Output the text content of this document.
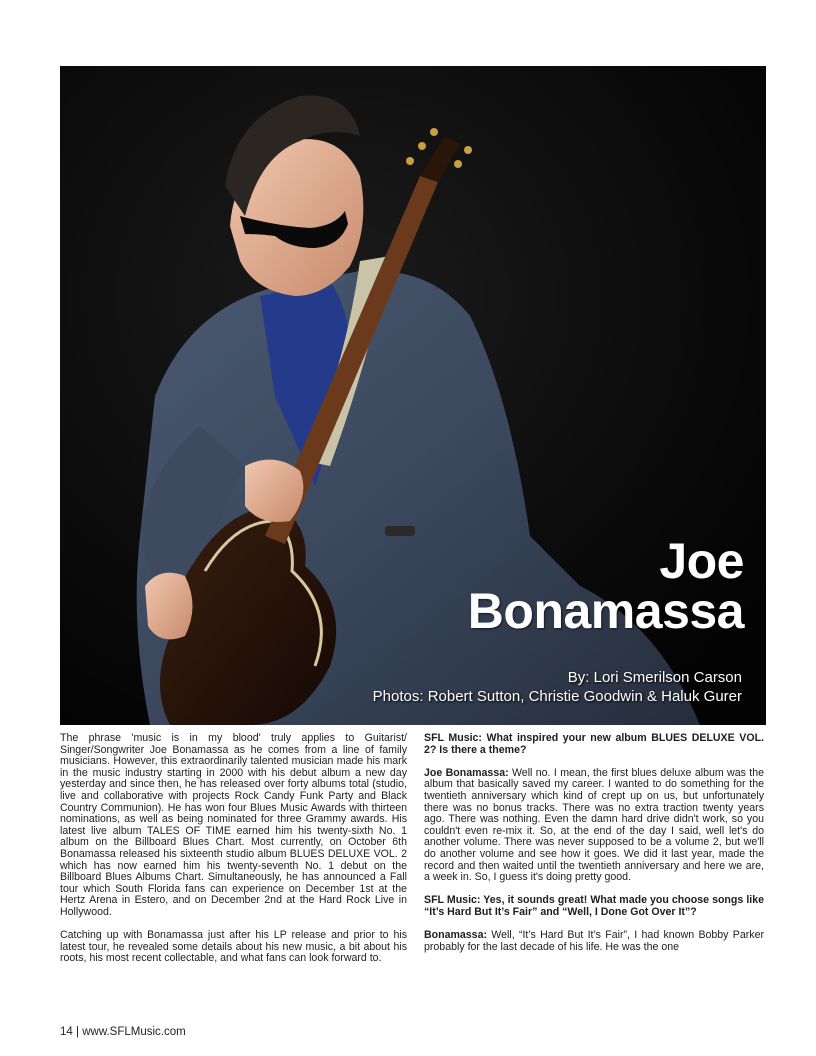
Joe
Bonamassa
By: Lori Smerilson Carson
Photos: Robert Sutton, Christie Goodwin & Haluk Gurer

The phrase 'music is in my blood' truly applies to Guitarist/ Singer/Songwriter Joe Bonamassa as he comes from a line of family musicians. However, this extraordinarily talented musician made his mark in the music industry starting in 2000 with his debut album a new day yesterday and since then, he has released over forty albums total (studio, live and collaborative with projects Rock Candy Funk Party and Black Country Communion). He has won four Blues Music Awards with thirteen nominations, as well as being nominated for three Grammy awards. His latest live album TALES OF TIME earned him his twenty-sixth No. 1 album on the Billboard Blues Chart. Most currently, on October 6th Bonamassa released his sixteenth studio album BLUES DELUXE VOL. 2 which has now earned him his twenty-seventh No. 1 debut on the Billboard Blues Albums Chart. Simultaneously, he has announced a Fall tour which South Florida fans can experience on December 1st at the Hertz Arena in Estero, and on December 2nd at the Hard Rock Live in Hollywood.

Catching up with Bonamassa just after his LP release and prior to his latest tour, he revealed some details about his new music, a bit about his roots, his most recent collectable, and what fans can look forward to.

SFL Music: What inspired your new album BLUES DELUXE VOL. 2? Is there a theme?

Joe Bonamassa: Well no. I mean, the first blues deluxe album was the album that basically saved my career. I wanted to do something for the twentieth anniversary which kind of crept up on us, but unfortunately there was no bonus tracks. There was no extra traction twenty years ago. There was nothing. Even the damn hard drive didn't work, so you couldn't even re-mix it. So, at the end of the day I said, well let's do another volume. There was never supposed to be a volume 2, but we'll do another volume and see how it goes. We did it last year, made the record and then waited until the twentieth anniversary and here we are, a week in. So, I guess it's doing pretty good.

SFL Music: Yes, it sounds great! What made you choose songs like “It’s Hard But It’s Fair” and “Well, I Done Got Over It”?

Bonamassa: Well, “It’s Hard But It’s Fair”, I had known Bobby Parker probably for the last decade of his life. He was the one

14 | www.SFLMusic.com
